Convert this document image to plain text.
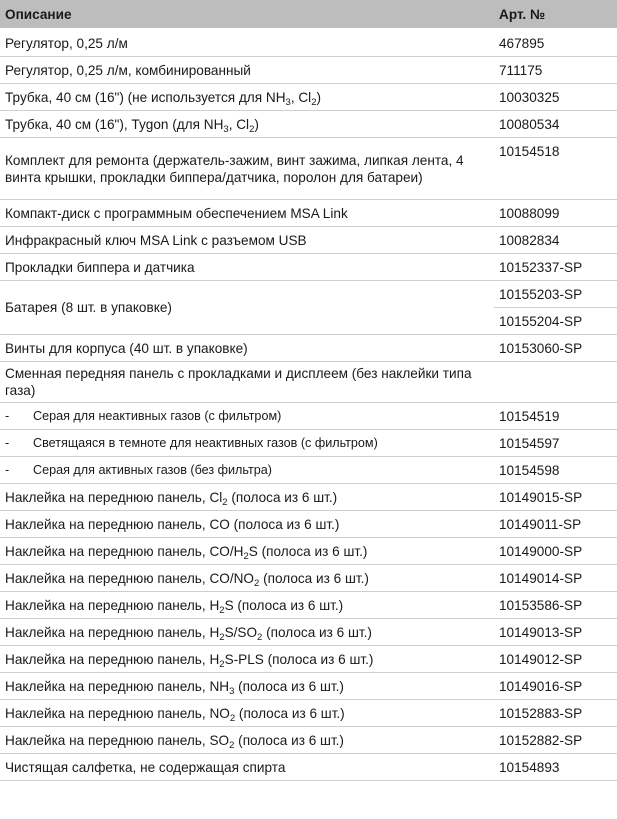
Описание	Арт. №
Регулятор, 0,25 л/м	467895
Регулятор, 0,25 л/м, комбинированный	711175
Трубка, 40 см (16") (не используется для $NH_3$, $Cl_2$)	10030325
Трубка, 40 см (16"), Tygon (для $NH_3$, $Cl_2$)	10080534
Комплект для ремонта (держатель-зажим, винт зажима, липкая лента, 4 винта крышки, прокладки биппера/датчика, поролон для батареи)	10154518
Компакт-диск с программным обеспечением MSA Link	10088099
Инфракрасный ключ MSA Link с разъемом USB	10082834
Прокладки биппера и датчика	10152337-SP
Батарея (8 шт. в упаковке)	10155203-SP
	10155204-SP
Винты для корпуса (40 шт. в упаковке)	10153060-SP
Сменная передняя панель с прокладками и дисплеем (без наклейки типа газа)	
- Серая для неактивных газов (с фильтром)	10154519
- Светящаяся в темноте для неактивных газов (с фильтром)	10154597
- Серая для активных газов (без фильтра)	10154598
Наклейка на переднюю панель, $Cl_2$ (полоса из 6 шт.)	10149015-SP
Наклейка на переднюю панель, CO (полоса из 6 шт.)	10149011-SP
Наклейка на переднюю панель, $CO/H_2S$ (полоса из 6 шт.)	10149000-SP
Наклейка на переднюю панель, $CO/NO_2$ (полоса из 6 шт.)	10149014-SP
Наклейка на переднюю панель, $H_2S$ (полоса из 6 шт.)	10153586-SP
Наклейка на переднюю панель, $H_2S/SO_2$ (полоса из 6 шт.)	10149013-SP
Наклейка на переднюю панель, $H_2S$-PLS (полоса из 6 шт.)	10149012-SP
Наклейка на переднюю панель, $NH_3$ (полоса из 6 шт.)	10149016-SP
Наклейка на переднюю панель, $NO_2$ (полоса из 6 шт.)	10152883-SP
Наклейка на переднюю панель, $SO_2$ (полоса из 6 шт.)	10152882-SP
Чистящая салфетка, не содержащая спирта	10154893
